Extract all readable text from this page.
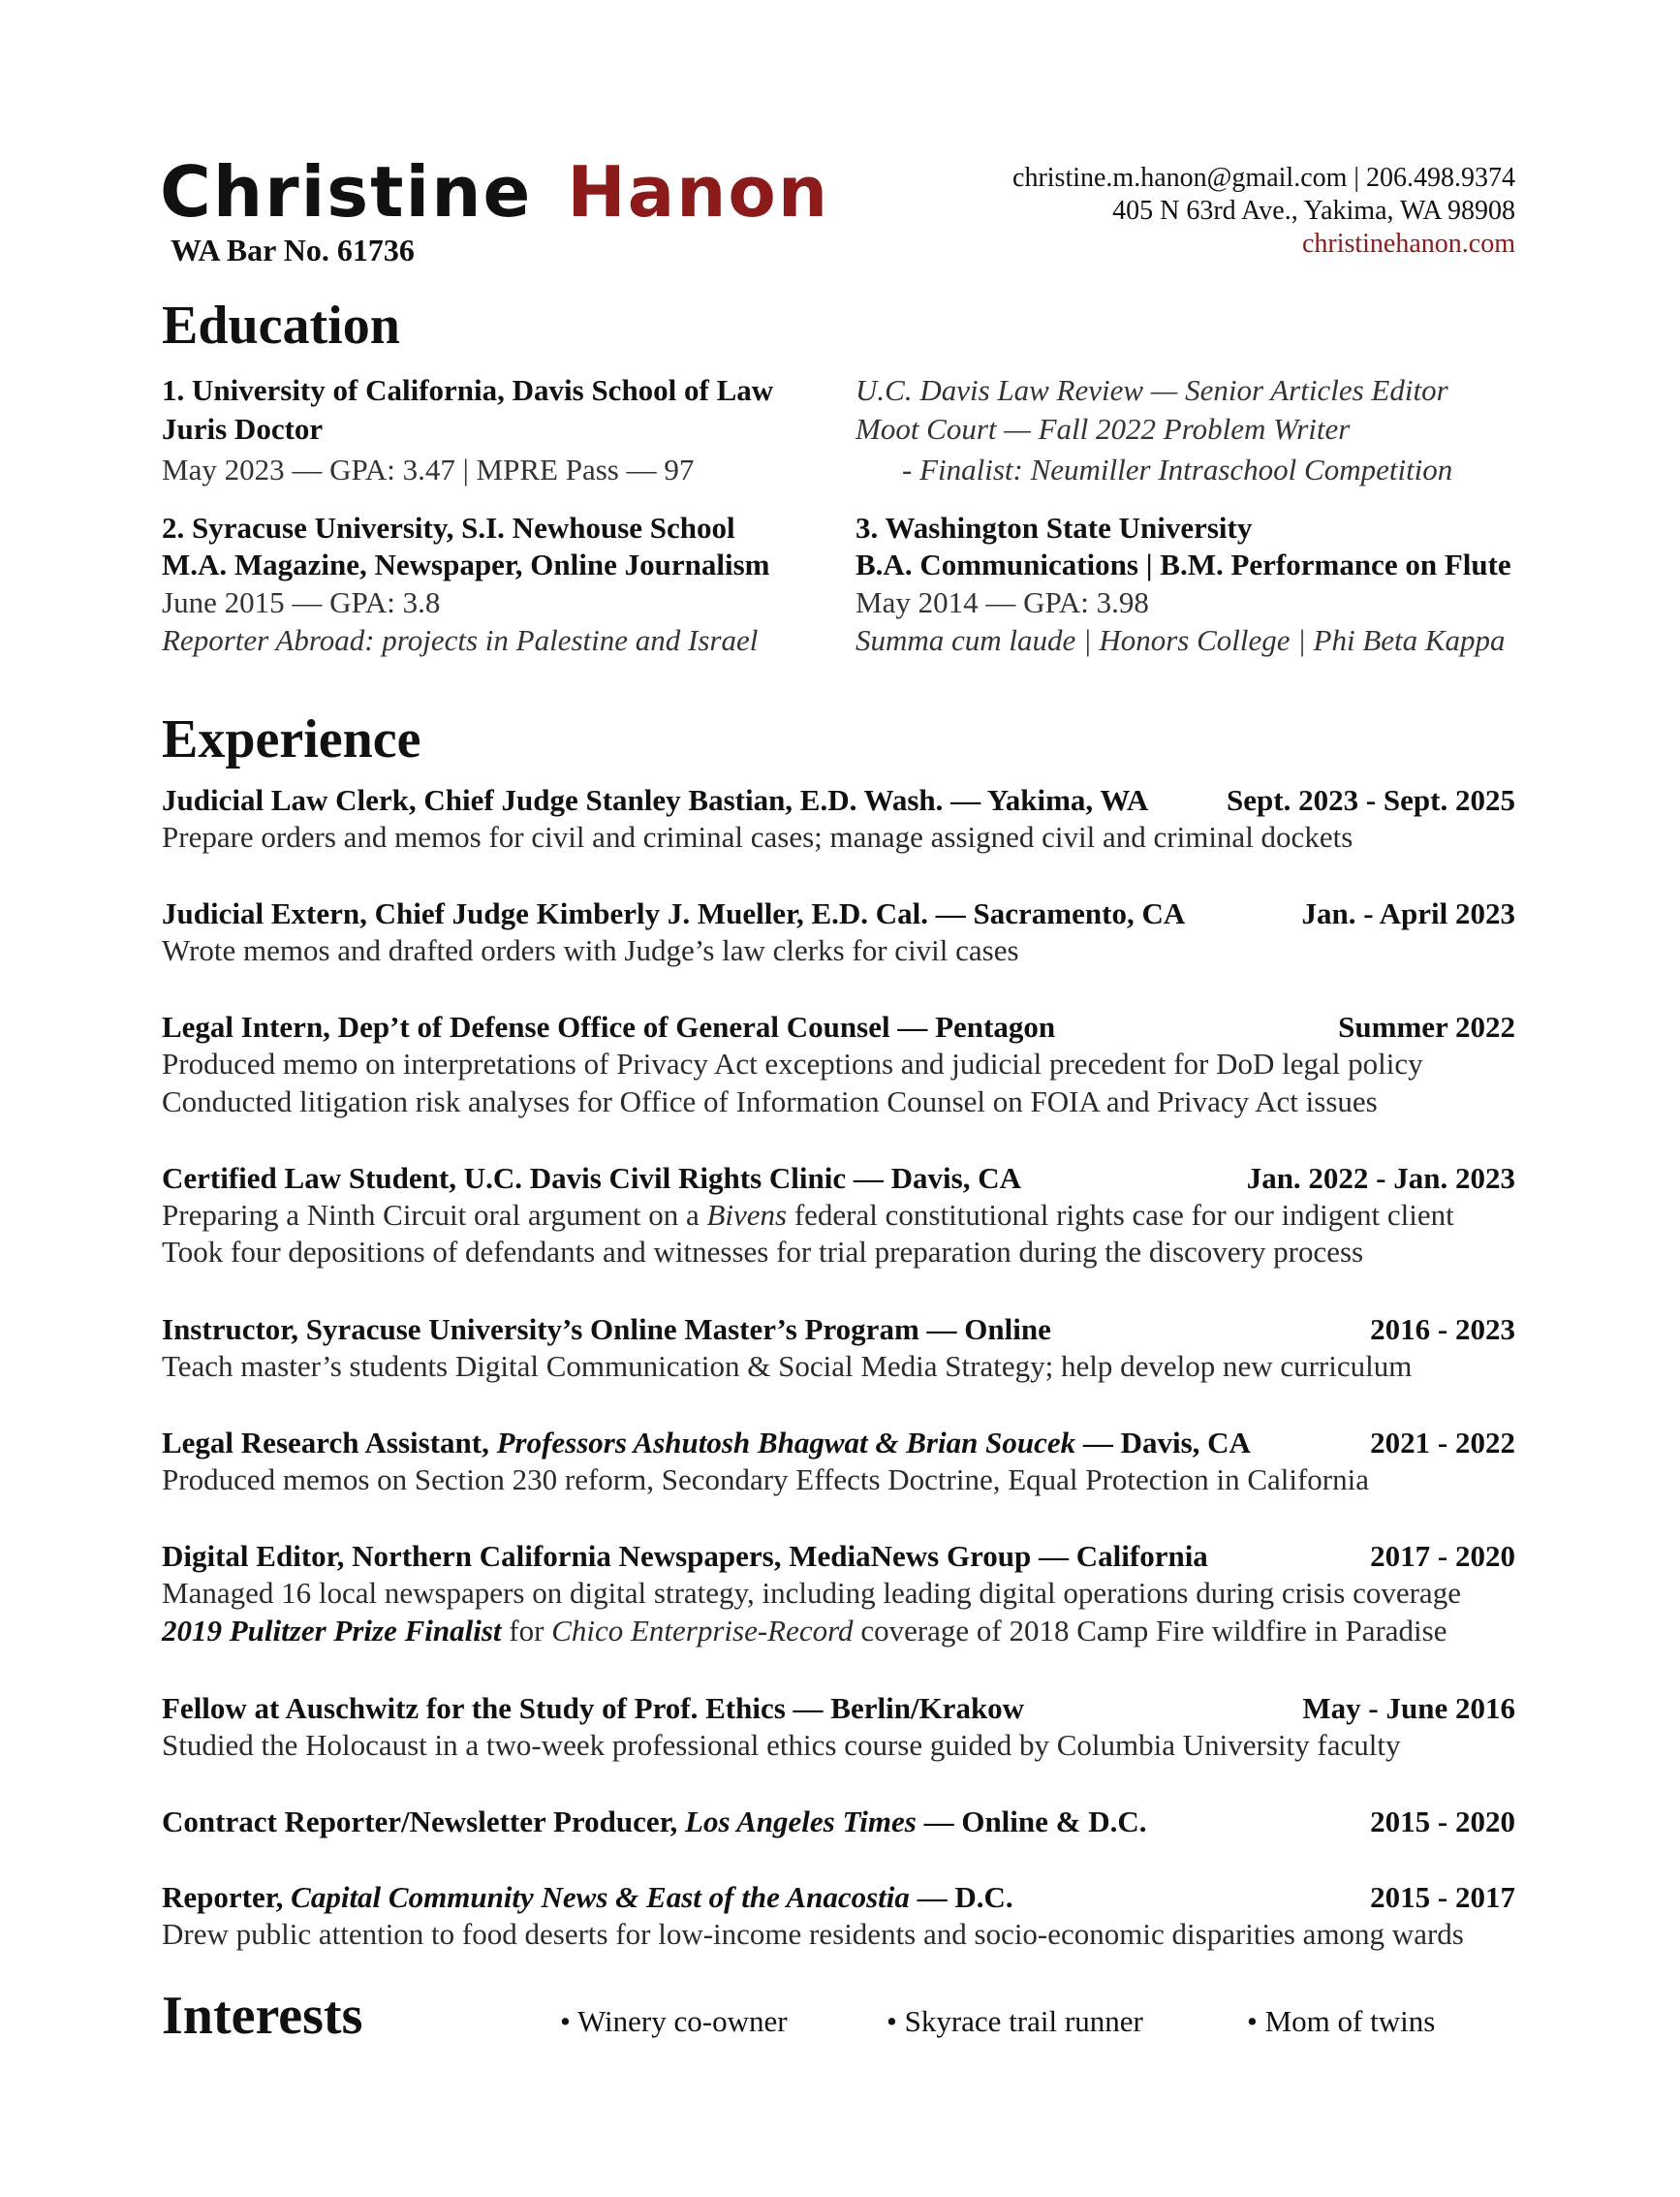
Christine Hanon
WA Bar No. 61736
christine.m.hanon@gmail.com | 206.498.9374
405 N 63rd Ave., Yakima, WA 98908
christinehanon.com
Education
1. University of California, Davis School of Law
Juris Doctor
May 2023 — GPA: 3.47 | MPRE Pass — 97
U.C. Davis Law Review — Senior Articles Editor
Moot Court — Fall 2022 Problem Writer
- Finalist: Neumiller Intraschool Competition
2. Syracuse University, S.I. Newhouse School
M.A. Magazine, Newspaper, Online Journalism
June 2015 — GPA: 3.8
Reporter Abroad: projects in Palestine and Israel
3. Washington State University
B.A. Communications | B.M. Performance on Flute
May 2014 — GPA: 3.98
Summa cum laude | Honors College | Phi Beta Kappa
Experience
Judicial Law Clerk, Chief Judge Stanley Bastian, E.D. Wash. — Yakima, WA	Sept. 2023 - Sept. 2025
Prepare orders and memos for civil and criminal cases; manage assigned civil and criminal dockets
Judicial Extern, Chief Judge Kimberly J. Mueller, E.D. Cal. — Sacramento, CA	Jan. - April 2023
Wrote memos and drafted orders with Judge’s law clerks for civil cases
Legal Intern, Dep’t of Defense Office of General Counsel — Pentagon	Summer 2022
Produced memo on interpretations of Privacy Act exceptions and judicial precedent for DoD legal policy
Conducted litigation risk analyses for Office of Information Counsel on FOIA and Privacy Act issues
Certified Law Student, U.C. Davis Civil Rights Clinic — Davis, CA	Jan. 2022 - Jan. 2023
Preparing a Ninth Circuit oral argument on a Bivens federal constitutional rights case for our indigent client
Took four depositions of defendants and witnesses for trial preparation during the discovery process
Instructor, Syracuse University’s Online Master’s Program — Online	2016 - 2023
Teach master’s students Digital Communication & Social Media Strategy; help develop new curriculum
Legal Research Assistant, Professors Ashutosh Bhagwat & Brian Soucek — Davis, CA	2021 - 2022
Produced memos on Section 230 reform, Secondary Effects Doctrine, Equal Protection in California
Digital Editor, Northern California Newspapers, MediaNews Group — California	2017 - 2020
Managed 16 local newspapers on digital strategy, including leading digital operations during crisis coverage
2019 Pulitzer Prize Finalist for Chico Enterprise-Record coverage of 2018 Camp Fire wildfire in Paradise
Fellow at Auschwitz for the Study of Prof. Ethics — Berlin/Krakow	May - June 2016
Studied the Holocaust in a two-week professional ethics course guided by Columbia University faculty
Contract Reporter/Newsletter Producer, Los Angeles Times — Online & D.C.	2015 - 2020
Reporter, Capital Community News & East of the Anacostia — D.C.	2015 - 2017
Drew public attention to food deserts for low-income residents and socio-economic disparities among wards
Interests	• Winery co-owner	• Skyrace trail runner	• Mom of twins
